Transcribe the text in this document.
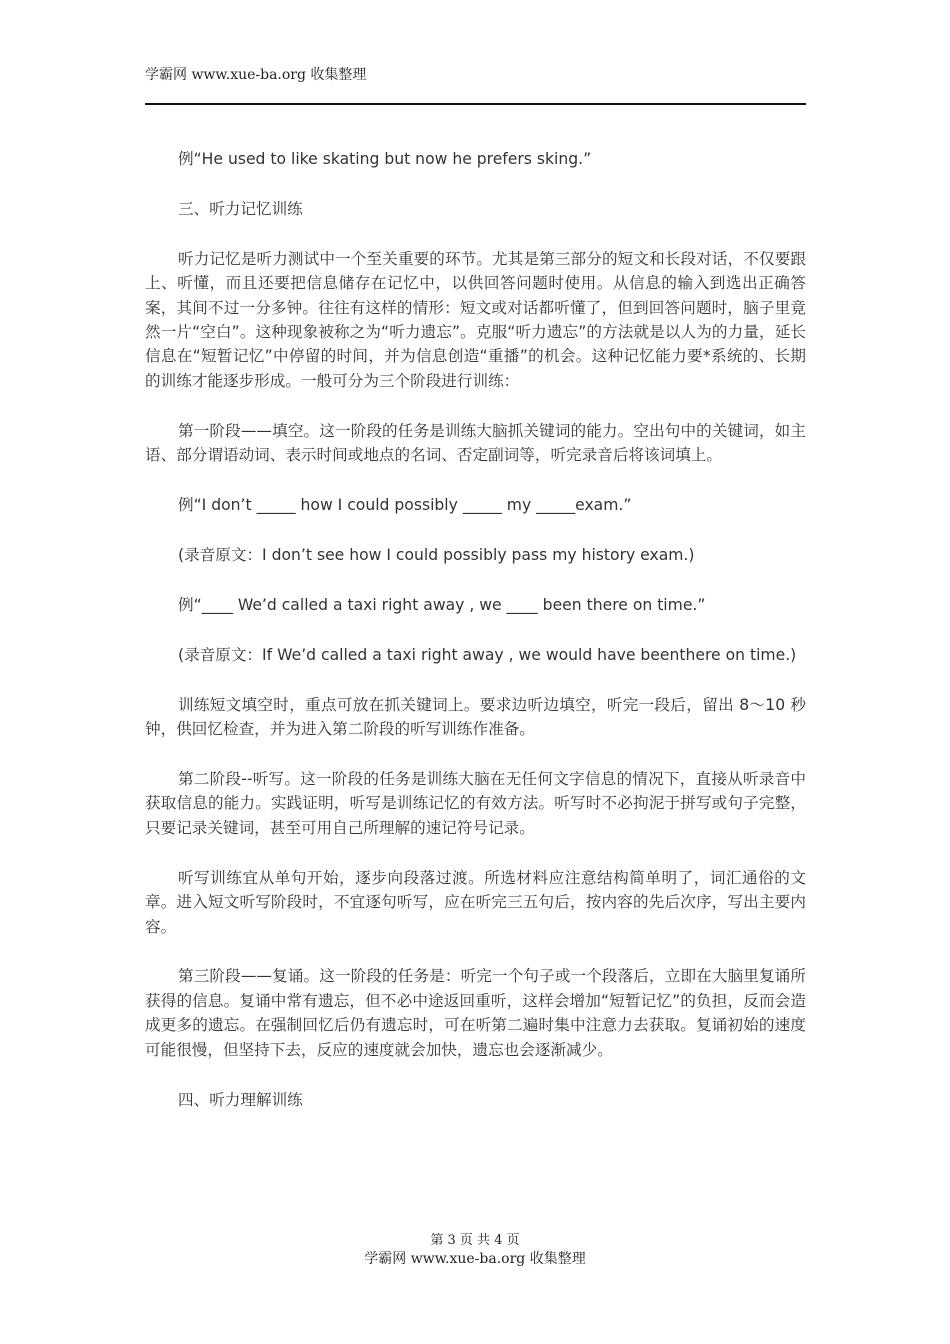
学霸网 www.xue-ba.org 收集整理

例“He used to like skating but now he prefers sking.”

三、听力记忆训练

听力记忆是听力测试中一个至关重要的环节。尤其是第三部分的短文和长段对话，不仅要跟上、听懂，而且还要把信息储存在记忆中，以供回答问题时使用。从信息的输入到选出正确答案，其间不过一分多钟。往往有这样的情形：短文或对话都听懂了，但到回答问题时，脑子里竟然一片“空白”。这种现象被称之为“听力遗忘”。克服“听力遗忘”的方法就是以人为的力量，延长信息在“短暂记忆”中停留的时间，并为信息创造“重播”的机会。这种记忆能力要*系统的、长期的训练才能逐步形成。一般可分为三个阶段进行训练：

第一阶段——填空。这一阶段的任务是训练大脑抓关键词的能力。空出句中的关键词，如主语、部分谓语动词、表示时间或地点的名词、否定副词等，听完录音后将该词填上。

例“I don’t _____ how I could possibly _____ my _____exam.”

(录音原文：I don’t see how I could possibly pass my history exam.)

例“____ We’d called a taxi right away , we ____ been there on time.”

(录音原文：If We’d called a taxi right away , we would have beenthere on time.)

训练短文填空时，重点可放在抓关键词上。要求边听边填空，听完一段后，留出 8～10 秒钟，供回忆检查，并为进入第二阶段的听写训练作准备。

第二阶段--听写。这一阶段的任务是训练大脑在无任何文字信息的情况下，直接从听录音中获取信息的能力。实践证明，听写是训练记忆的有效方法。听写时不必拘泥于拼写或句子完整，只要记录关键词，甚至可用自己所理解的速记符号记录。

听写训练宜从单句开始，逐步向段落过渡。所选材料应注意结构简单明了，词汇通俗的文章。进入短文听写阶段时，不宜逐句听写，应在听完三五句后，按内容的先后次序，写出主要内容。

第三阶段——复诵。这一阶段的任务是：听完一个句子或一个段落后，立即在大脑里复诵所获得的信息。复诵中常有遗忘，但不必中途返回重听，这样会增加“短暂记忆”的负担，反而会造成更多的遗忘。在强制回忆后仍有遗忘时，可在听第二遍时集中注意力去获取。复诵初始的速度可能很慢，但坚持下去，反应的速度就会加快，遗忘也会逐渐减少。

四、听力理解训练

第 3 页 共 4 页
学霸网 www.xue-ba.org 收集整理
